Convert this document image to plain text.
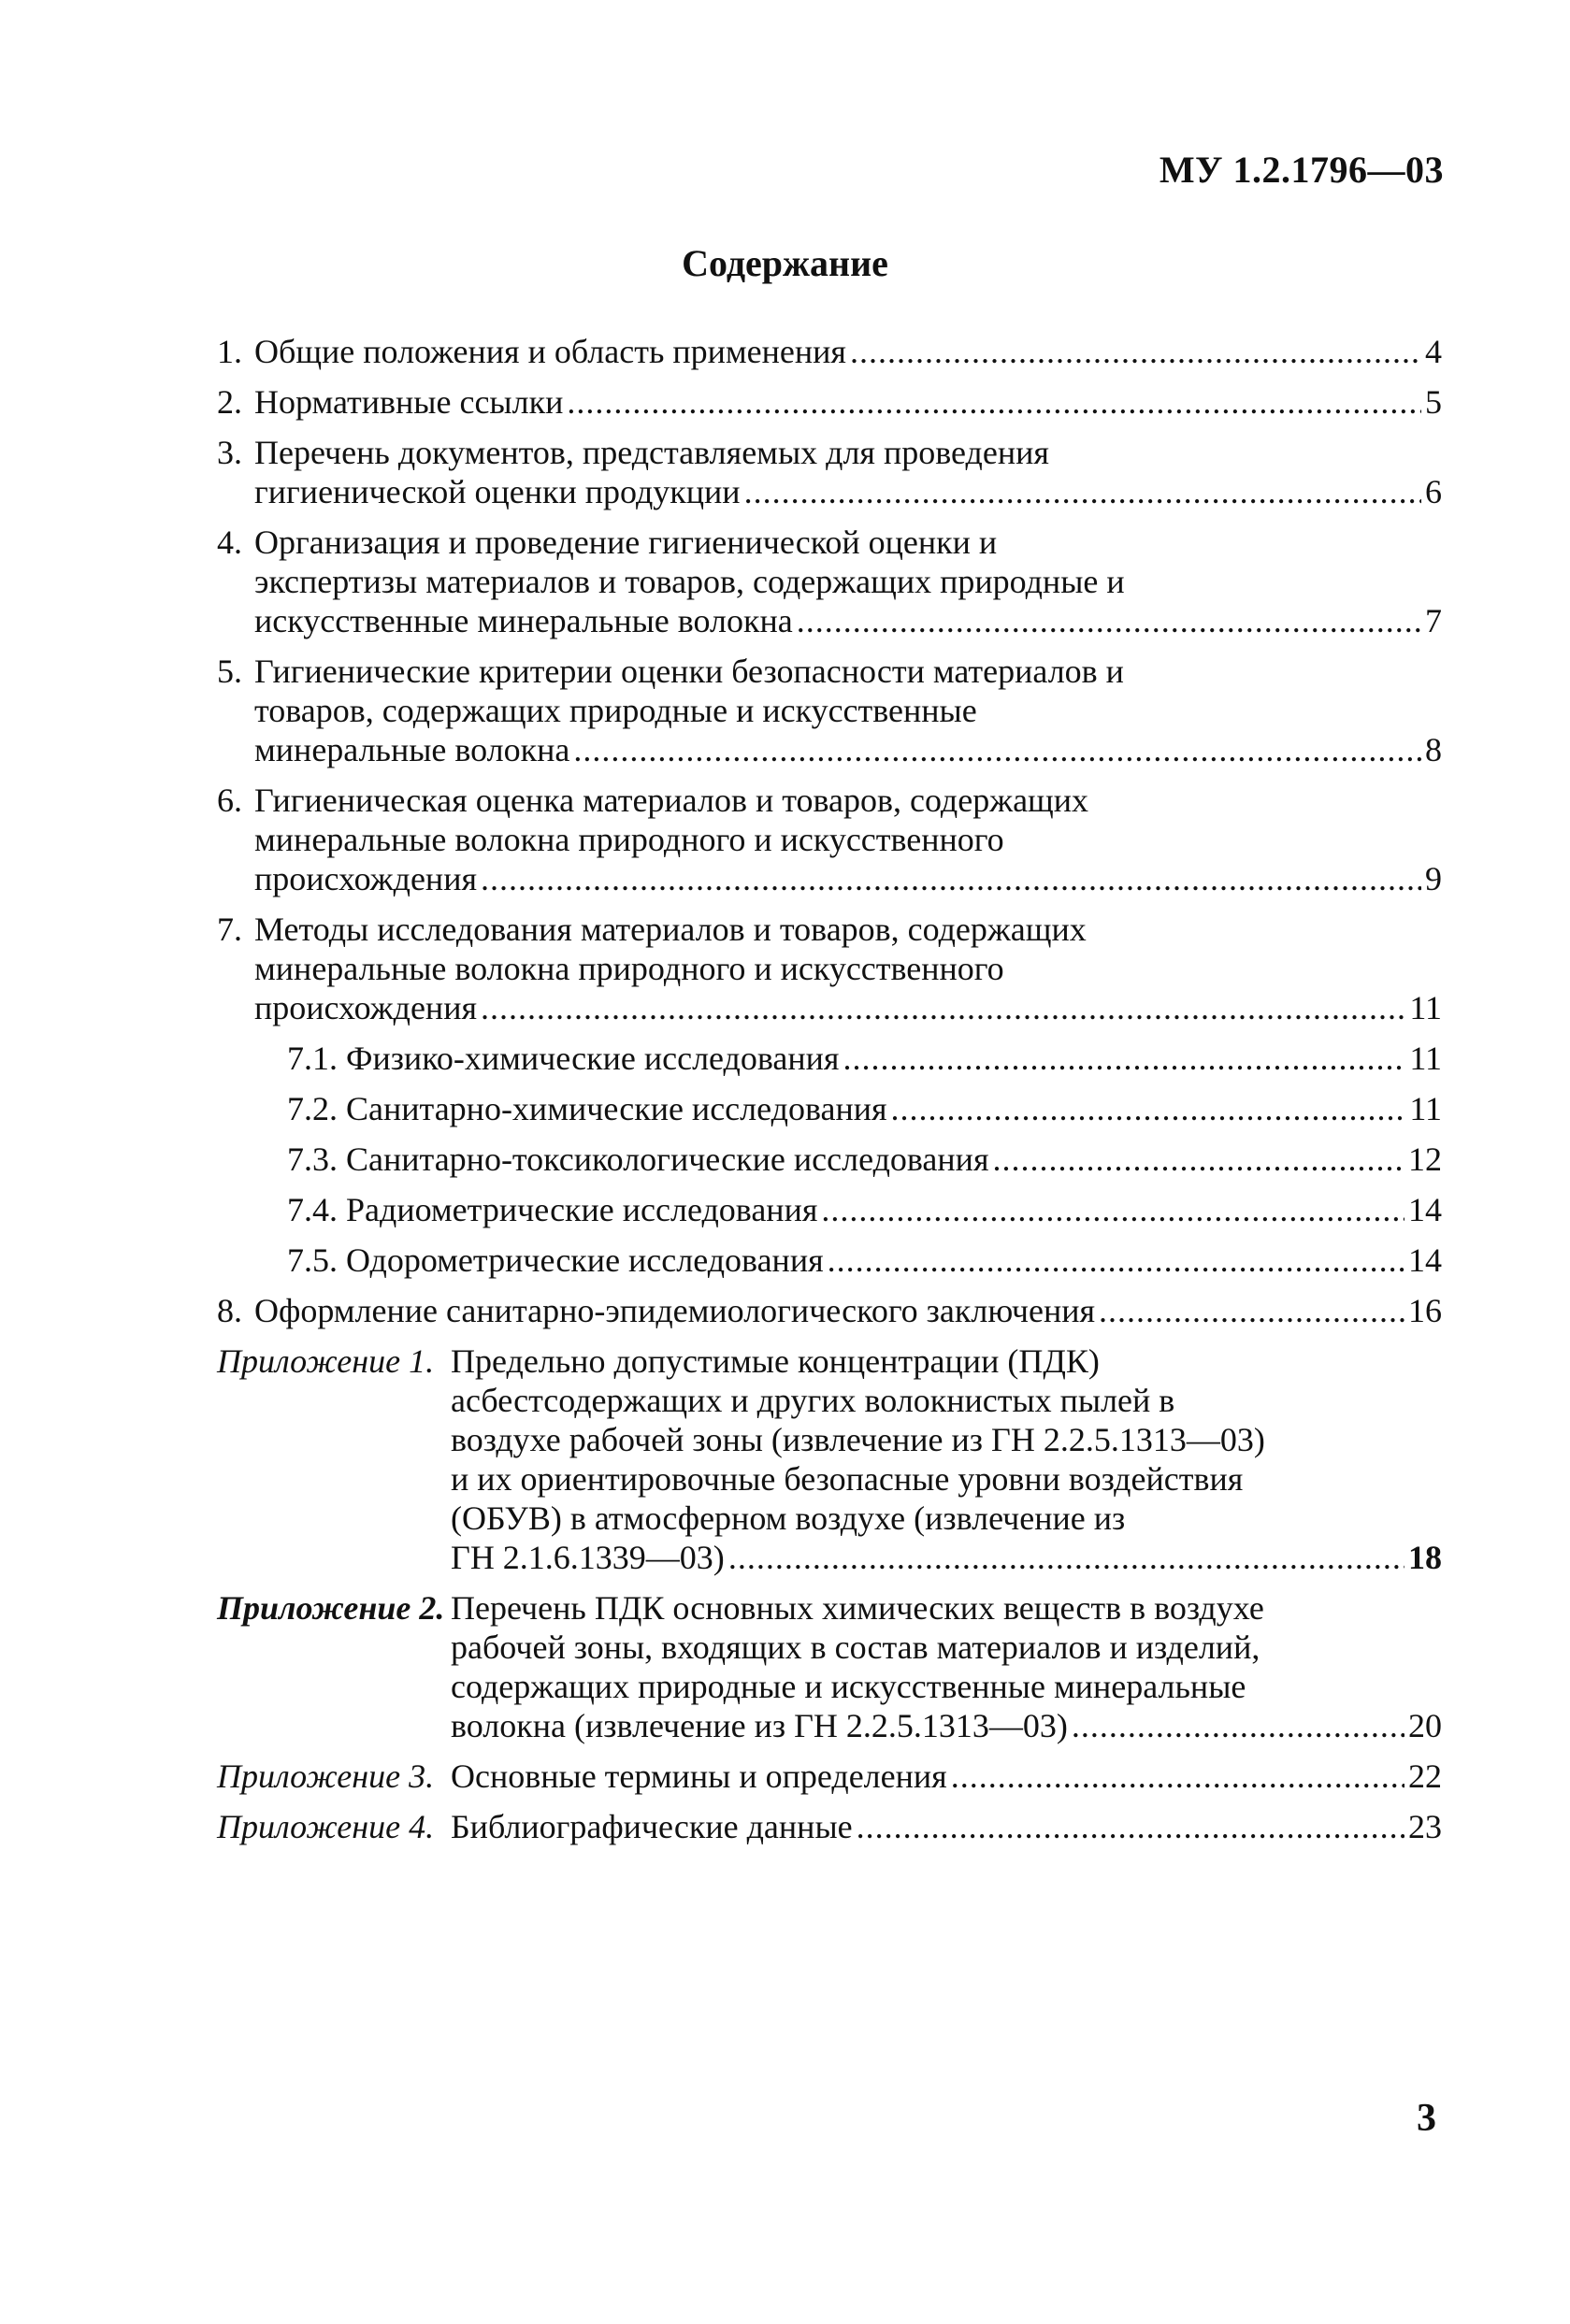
МУ 1.2.1796—03
Содержание
1. Общие положения и область применения .....	4
2. Нормативные ссылки .....	5
3. Перечень документов, представляемых для проведения
гигиенической оценки продукции .....	6
4. Организация и проведение гигиенической оценки и
экспертизы материалов и товаров, содержащих природные и
искусственные минеральные волокна .....	7
5. Гигиенические критерии оценки безопасности материалов и
товаров, содержащих природные и искусственные
минеральные волокна .....	8
6. Гигиеническая оценка материалов и товаров, содержащих
минеральные волокна природного и искусственного
происхождения .....	9
7. Методы исследования материалов и товаров, содержащих
минеральные волокна природного и искусственного
происхождения .....	11
7.1. Физико-химические исследования .....	11
7.2. Санитарно-химические исследования .....	11
7.3. Санитарно-токсикологические исследования .....	12
7.4. Радиометрические исследования .....	14
7.5. Одорометрические исследования .....	14
8. Оформление санитарно-эпидемиологического заключения .....	16
Приложение 1. Предельно допустимые концентрации (ПДК)
асбестсодержащих и других волокнистых пылей в
воздухе рабочей зоны (извлечение из ГН 2.2.5.1313—03)
и их ориентировочные безопасные уровни воздействия
(ОБУВ) в атмосферном воздухе (извлечение из
ГН 2.1.6.1339—03) .....	18
Приложение 2. Перечень ПДК основных химических веществ в воздухе
рабочей зоны, входящих в состав материалов и изделий,
содержащих природные и искусственные минеральные
волокна (извлечение из ГН 2.2.5.1313—03) .....	20
Приложение 3. Основные термины и определения .....	22
Приложение 4. Библиографические данные .....	23
3
